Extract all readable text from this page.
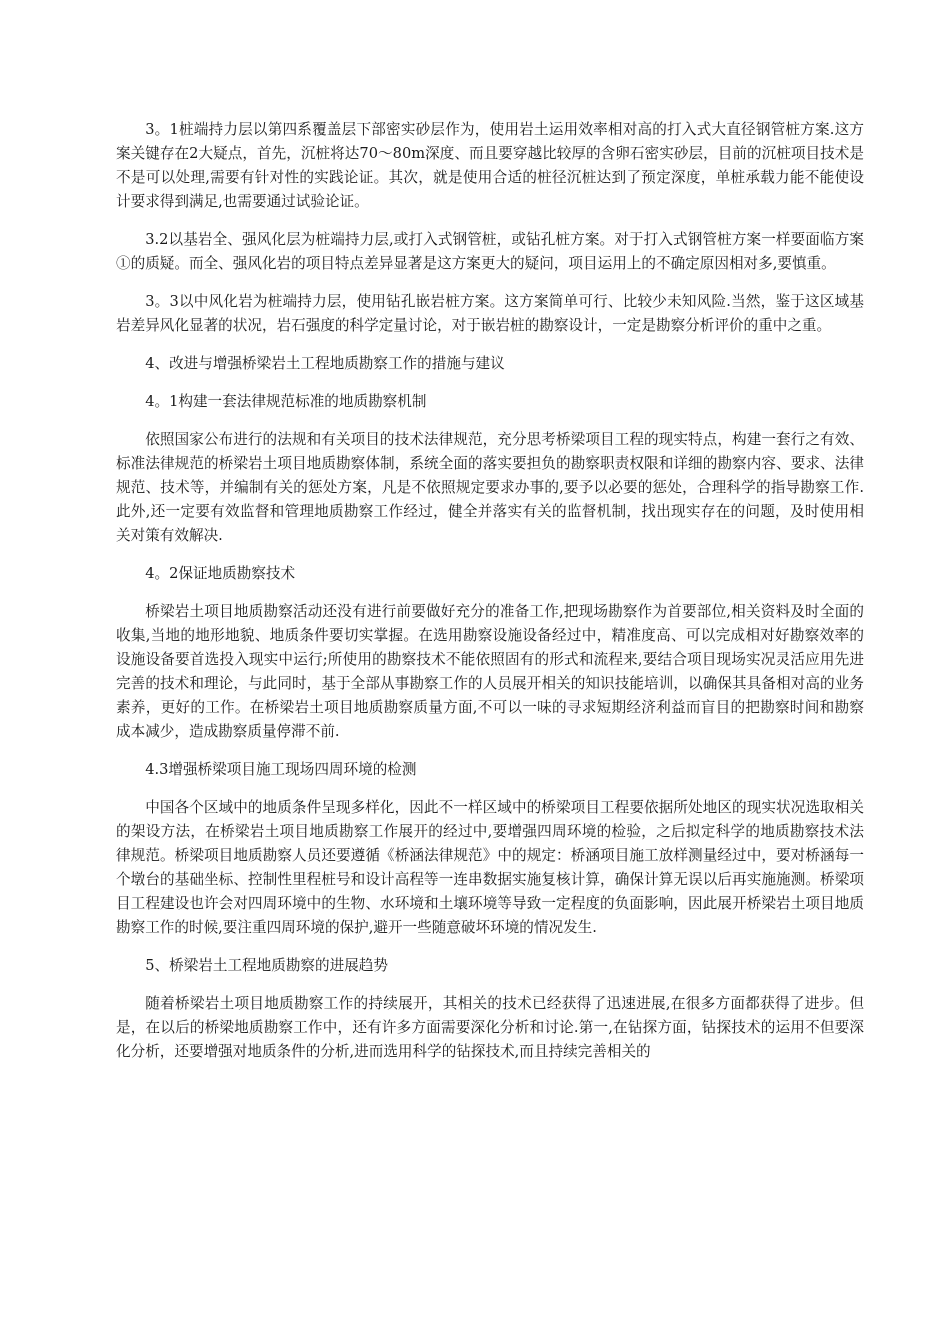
3。1桩端持力层以第四系覆盖层下部密实砂层作为，使用岩土运用效率相对高的打入式大直径钢管桩方案.这方案关键存在2大疑点，首先，沉桩将达70～80m深度、而且要穿越比较厚的含卵石密实砂层，目前的沉桩项目技术是不是可以处理,需要有针对性的实践论证。其次，就是使用合适的桩径沉桩达到了预定深度，单桩承载力能不能使设计要求得到满足,也需要通过试验论证。

3.2以基岩全、强风化层为桩端持力层,或打入式钢管桩，或钻孔桩方案。对于打入式钢管桩方案一样要面临方案①的质疑。而全、强风化岩的项目特点差异显著是这方案更大的疑问，项目运用上的不确定原因相对多,要慎重。

3。3以中风化岩为桩端持力层，使用钻孔嵌岩桩方案。这方案简单可行、比较少未知风险.当然，鉴于这区域基岩差异风化显著的状况，岩石强度的科学定量讨论，对于嵌岩桩的勘察设计，一定是勘察分析评价的重中之重。

4、改进与增强桥梁岩土工程地质勘察工作的措施与建议

4。1构建一套法律规范标准的地质勘察机制

依照国家公布进行的法规和有关项目的技术法律规范，充分思考桥梁项目工程的现实特点，构建一套行之有效、标准法律规范的桥梁岩土项目地质勘察体制，系统全面的落实要担负的勘察职责权限和详细的勘察内容、要求、法律规范、技术等，并编制有关的惩处方案，凡是不依照规定要求办事的,要予以必要的惩处，合理科学的指导勘察工作.此外,还一定要有效监督和管理地质勘察工作经过，健全并落实有关的监督机制，找出现实存在的问题，及时使用相关对策有效解决.

4。2保证地质勘察技术

桥梁岩土项目地质勘察活动还没有进行前要做好充分的准备工作,把现场勘察作为首要部位,相关资料及时全面的收集,当地的地形地貌、地质条件要切实掌握。在选用勘察设施设备经过中，精准度高、可以完成相对好勘察效率的设施设备要首选投入现实中运行;所使用的勘察技术不能依照固有的形式和流程来,要结合项目现场实况灵活应用先进完善的技术和理论，与此同时，基于全部从事勘察工作的人员展开相关的知识技能培训，以确保其具备相对高的业务素养，更好的工作。在桥梁岩土项目地质勘察质量方面,不可以一味的寻求短期经济利益而盲目的把勘察时间和勘察成本减少，造成勘察质量停滞不前.

4.3增强桥梁项目施工现场四周环境的检测

中国各个区域中的地质条件呈现多样化，因此不一样区域中的桥梁项目工程要依据所处地区的现实状况选取相关的架设方法，在桥梁岩土项目地质勘察工作展开的经过中,要增强四周环境的检验，之后拟定科学的地质勘察技术法律规范。桥梁项目地质勘察人员还要遵循《桥涵法律规范》中的规定：桥涵项目施工放样测量经过中，要对桥涵每一个墩台的基础坐标、控制性里程桩号和设计高程等一连串数据实施复核计算，确保计算无误以后再实施施测。桥梁项目工程建设也许会对四周环境中的生物、水环境和土壤环境等导致一定程度的负面影响，因此展开桥梁岩土项目地质勘察工作的时候,要注重四周环境的保护,避开一些随意破坏环境的情况发生.

5、桥梁岩土工程地质勘察的进展趋势

随着桥梁岩土项目地质勘察工作的持续展开，其相关的技术已经获得了迅速进展,在很多方面都获得了进步。但是，在以后的桥梁地质勘察工作中，还有许多方面需要深化分析和讨论.第一,在钻探方面，钻探技术的运用不但要深化分析，还要增强对地质条件的分析,进而选用科学的钻探技术,而且持续完善相关的
